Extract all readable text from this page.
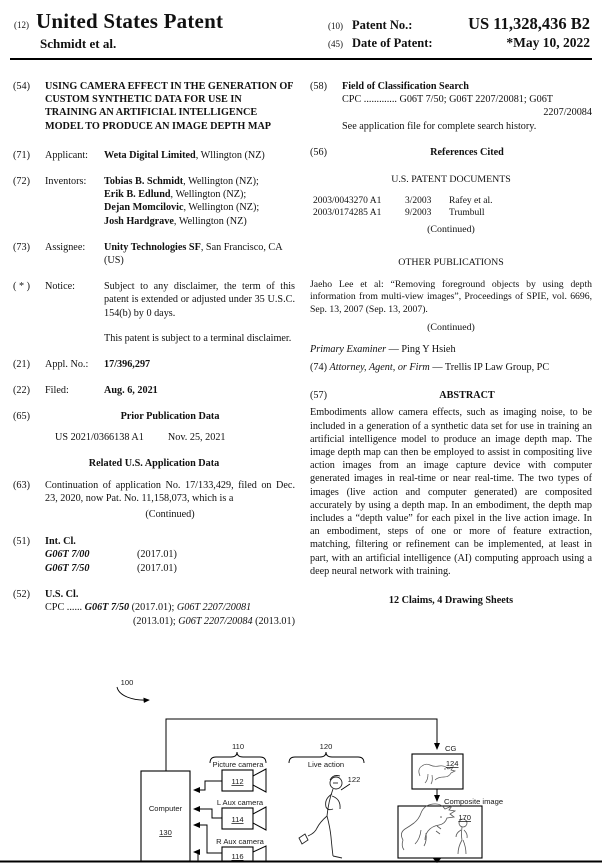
(12) United States Patent
Schmidt et al.
(10) Patent No.:	US 11,328,436 B2
(45) Date of Patent:	*May 10, 2022
(54)	USING CAMERA EFFECT IN THE GENERATION OF CUSTOM SYNTHETIC DATA FOR USE IN TRAINING AN ARTIFICIAL INTELLIGENCE MODEL TO PRODUCE AN IMAGE DEPTH MAP
(71)	Applicant:	Weta Digital Limited, Wllington (NZ)
(72)	Inventors:	Tobias B. Schmidt, Wellington (NZ);
Erik B. Edlund, Wellington (NZ);
Dejan Momcilovic, Wellington (NZ);
Josh Hardgrave, Wellington (NZ)
(73)	Assignee:	Unity Technologies SF, San Francisco, CA (US)
( * )	Notice:	Subject to any disclaimer, the term of this patent is extended or adjusted under 35 U.S.C. 154(b) by 0 days.

This patent is subject to a terminal disclaimer.

(21)	Appl. No.:	17/396,297
(22)	Filed:	Aug. 6, 2021
(65)	Prior Publication Data
US 2021/0366138 A1 Nov. 25, 2021
Related U.S. Application Data
(63)	Continuation of application No. 17/133,429, filed on Dec. 23, 2020, now Pat. No. 11,158,073, which is a
(Continued)
(51)	Int. Cl.
G06T 7/00	(2017.01)
G06T 7/50	(2017.01)
(52)	U.S. Cl.
CPC ...... G06T 7/50 (2017.01); G06T 2207/20081
(2013.01); G06T 2207/20084 (2013.01)
(58)	Field of Classification Search
CPC ............. G06T 7/50; G06T 2207/20081; G06T
2207/20084
See application file for complete search history.
(56)	References Cited
U.S. PATENT DOCUMENTS
2003/0043270 A1	3/2003	Rafey et al.
2003/0174285 A1	9/2003	Trumbull
(Continued)
OTHER PUBLICATIONS
Jaeho Lee et al: “Removing foreground objects by using depth information from multi-view images”, Proceedings of SPIE, vol. 6696, Sep. 13, 2007 (Sep. 13, 2007).
(Continued)
Primary Examiner — Ping Y Hsieh
(74) Attorney, Agent, or Firm — Trellis IP Law Group, PC
(57)	ABSTRACT
Embodiments allow camera effects, such as imaging noise, to be included in a generation of a synthetic data set for use in training an artificial intelligence model to produce an image depth map. The image depth map can then be employed to assist in compositing live action images from an image capture device with computer generated images in real-time or near real-time. The two types of images (live action and computer generated) are composited accurately by using a depth map. In an embodiment, the depth map includes a “depth value” for each pixel in the live action image. In an embodiment, steps of one or more of feature extraction, matching, filtering or refinement can be implemented, at least in part, with an artificial intelligence (AI) computing approach using a deep neural network with training.
12 Claims, 4 Drawing Sheets
100
110
Picture camera
112
L Aux camera
114
R Aux camera
116
Computer
130
120
Live action
122
CG
124
Composite image
170
